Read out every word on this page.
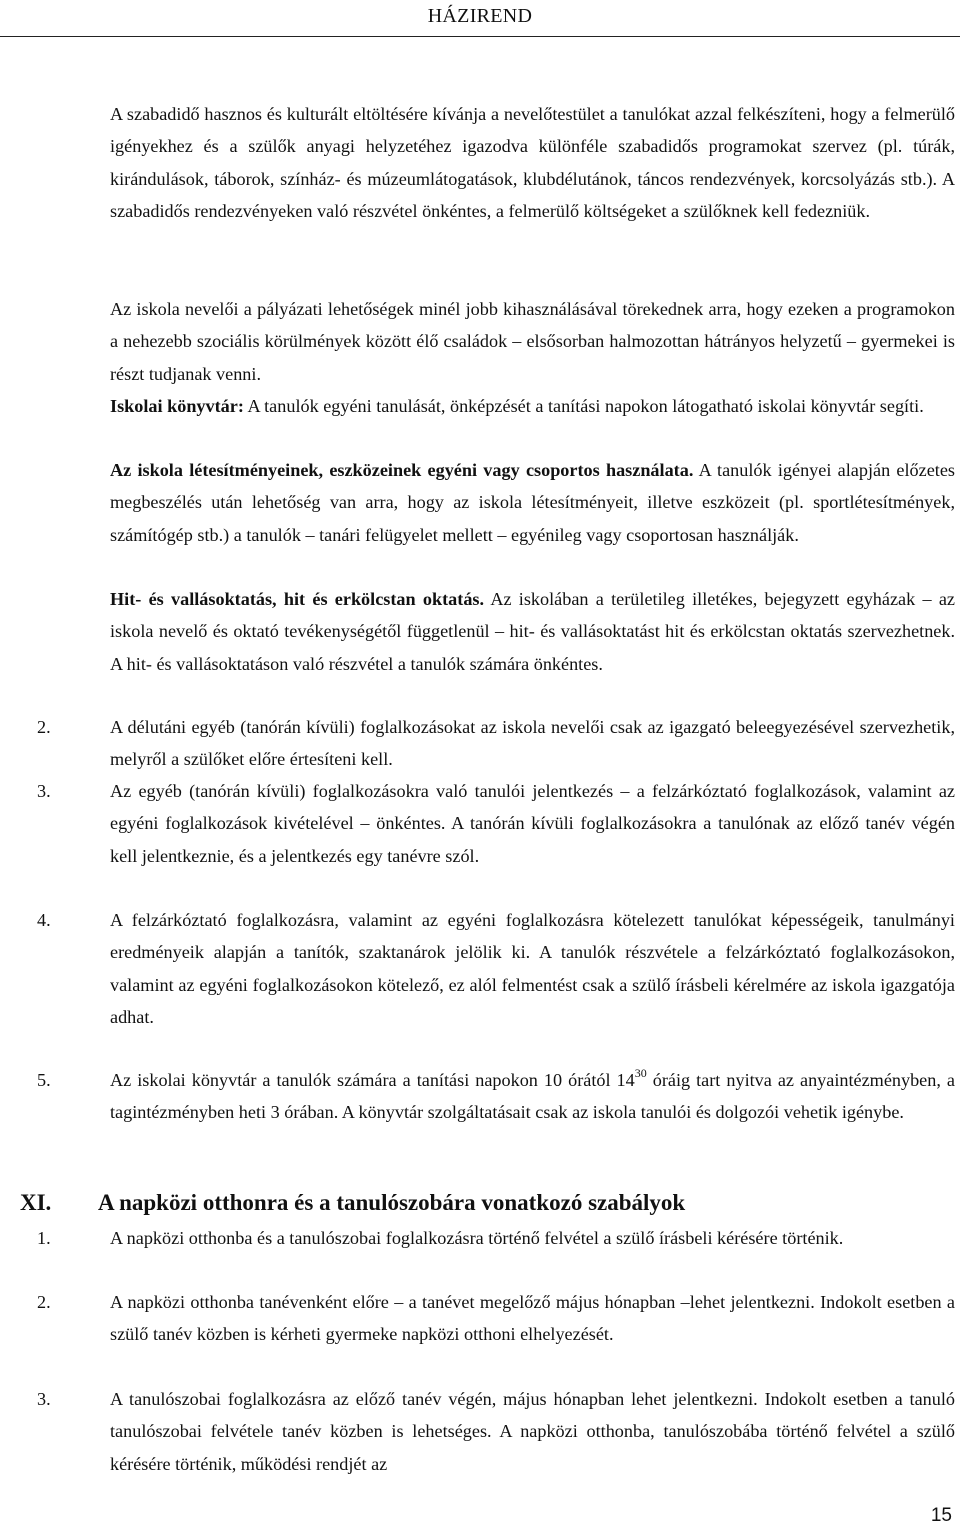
HÁZIREND

A szabadidő hasznos és kulturált eltöltésére kívánja a nevelőtestület a tanulókat azzal felkészíteni, hogy a felmerülő igényekhez és a szülők anyagi helyzetéhez igazodva különféle szabadidős programokat szervez (pl. túrák, kirándulások, táborok, színház- és múzeumlátogatások, klubdélutánok, táncos rendezvények, korcsolyázás stb.). A szabadidős rendezvényeken való részvétel önkéntes, a felmerülő költségeket a szülőknek kell fedezniük.

Az iskola nevelői a pályázati lehetőségek minél jobb kihasználásával törekednek arra, hogy ezeken a programokon a nehezebb szociális körülmények között élő családok – elsősorban halmozottan hátrányos helyzetű – gyermekei is részt tudjanak venni.

Iskolai könyvtár: A tanulók egyéni tanulását, önképzését a tanítási napokon látogatható iskolai könyvtár segíti.

Az iskola létesítményeinek, eszközeinek egyéni vagy csoportos használata. A tanulók igényei alapján előzetes megbeszélés után lehetőség van arra, hogy az iskola létesítményeit, illetve eszközeit (pl. sportlétesítmények, számítógép stb.) a tanulók – tanári felügyelet mellett – egyénileg vagy csoportosan használják.

Hit- és vallásoktatás, hit és erkölcstan oktatás. Az iskolában a területileg illetékes, bejegyzett egyházak – az iskola nevelő és oktató tevékenységétől függetlenül – hit- és vallásoktatást hit és erkölcstan oktatás szervezhetnek. A hit- és vallásoktatáson való részvétel a tanulók számára önkéntes.

2.	A délutáni egyéb (tanórán kívüli) foglalkozásokat az iskola nevelői csak az igazgató beleegyezésével szervezhetik, melyről a szülőket előre értesíteni kell.

3.	Az egyéb (tanórán kívüli) foglalkozásokra való tanulói jelentkezés – a felzárkóztató foglalkozások, valamint az egyéni foglalkozások kivételével – önkéntes. A tanórán kívüli foglalkozásokra a tanulónak az előző tanév végén kell jelentkeznie, és a jelentkezés egy tanévre szól.

4.	A felzárkóztató foglalkozásra, valamint az egyéni foglalkozásra kötelezett tanulókat képességeik, tanulmányi eredményeik alapján a tanítók, szaktanárok jelölik ki. A tanulók részvétele a felzárkóztató foglalkozásokon, valamint az egyéni foglalkozásokon kötelező, ez alól felmentést csak a szülő írásbeli kérelmére az iskola igazgatója adhat.

5.	Az iskolai könyvtár a tanulók számára a tanítási napokon 10 órától $14^{30}$ óráig tart nyitva az anyaintézményben, a tagintézményben heti 3 órában. A könyvtár szolgáltatásait csak az iskola tanulói és dolgozói vehetik igénybe.

XI. A napközi otthonra és a tanulószobára vonatkozó szabályok
1.	A napközi otthonba és a tanulószobai foglalkozásra történő felvétel a szülő írásbeli kérésére történik.

2.	A napközi otthonba tanévenként előre – a tanévet megelőző május hónapban –lehet jelentkezni. Indokolt esetben a szülő tanév közben is kérheti gyermeke napközi otthoni elhelyezését.

3.	A tanulószobai foglalkozásra az előző tanév végén, május hónapban lehet jelentkezni. Indokolt esetben a tanuló tanulószobai felvétele tanév közben is lehetséges. A napközi otthonba, tanulószobába történő felvétel a szülő kérésére történik, működési rendjét az

15
